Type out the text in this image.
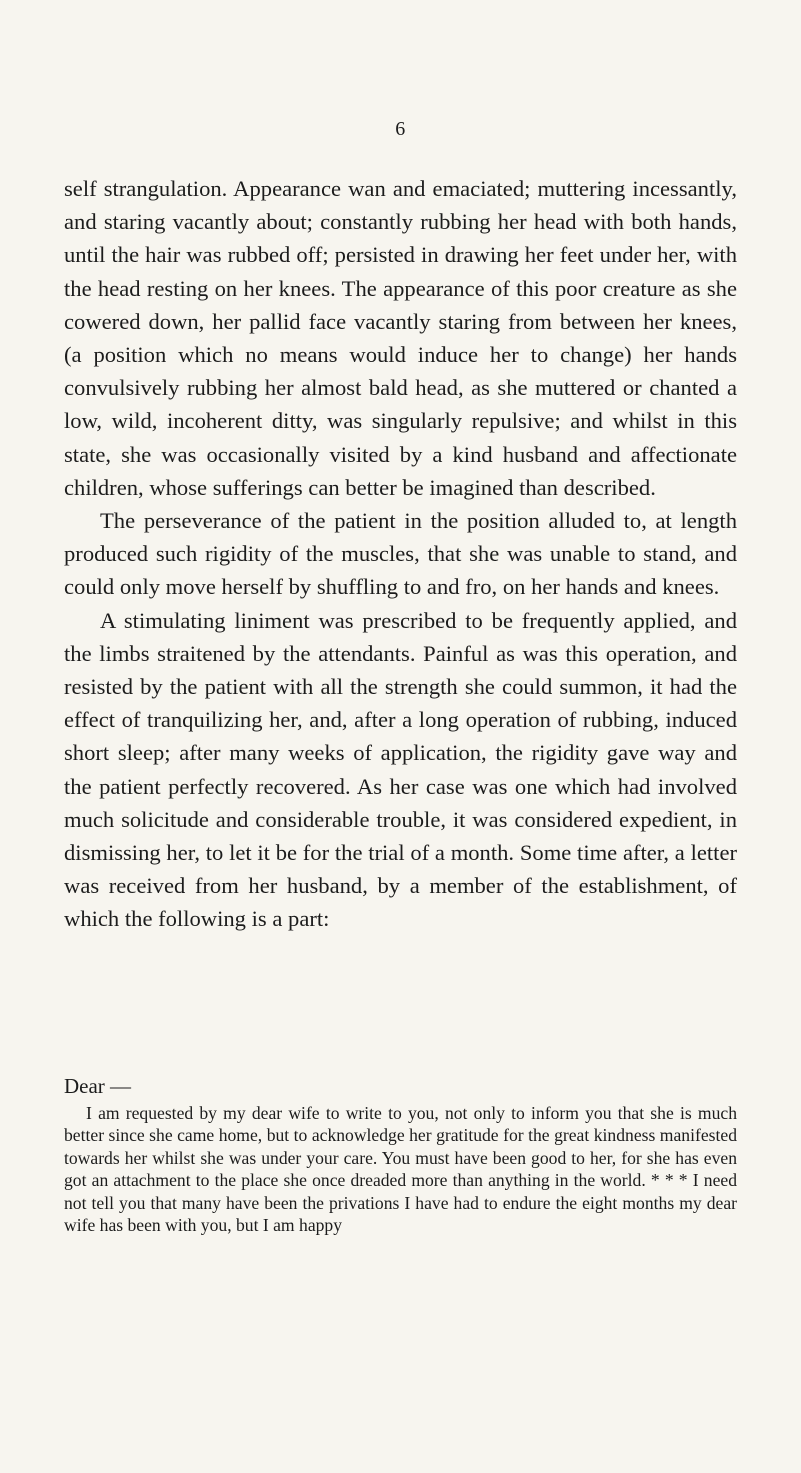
6

self strangulation. Appearance wan and emaciated; muttering incessantly, and staring vacantly about; constantly rubbing her head with both hands, until the hair was rubbed off; persisted in drawing her feet under her, with the head resting on her knees. The appearance of this poor creature as she cowered down, her pallid face vacantly staring from between her knees, (a position which no means would induce her to change) her hands convulsively rubbing her almost bald head, as she muttered or chanted a low, wild, incoherent ditty, was singularly repulsive; and whilst in this state, she was occasionally visited by a kind husband and affectionate children, whose sufferings can better be imagined than described.

The perseverance of the patient in the position alluded to, at length produced such rigidity of the muscles, that she was unable to stand, and could only move herself by shuffling to and fro, on her hands and knees.

A stimulating liniment was prescribed to be frequently applied, and the limbs straitened by the attendants. Painful as was this operation, and resisted by the patient with all the strength she could summon, it had the effect of tranquilizing her, and, after a long operation of rubbing, induced short sleep; after many weeks of application, the rigidity gave way and the patient perfectly recovered. As her case was one which had involved much solicitude and considerable trouble, it was considered expedient, in dismissing her, to let it be for the trial of a month. Some time after, a letter was received from her husband, by a member of the establishment, of which the following is a part:

Dear —
I am requested by my dear wife to write to you, not only to inform you that she is much better since she came home, but to acknowledge her gratitude for the great kindness manifested towards her whilst she was under your care. You must have been good to her, for she has even got an attachment to the place she once dreaded more than anything in the world. * * * I need not tell you that many have been the privations I have had to endure the eight months my dear wife has been with you, but I am happy
